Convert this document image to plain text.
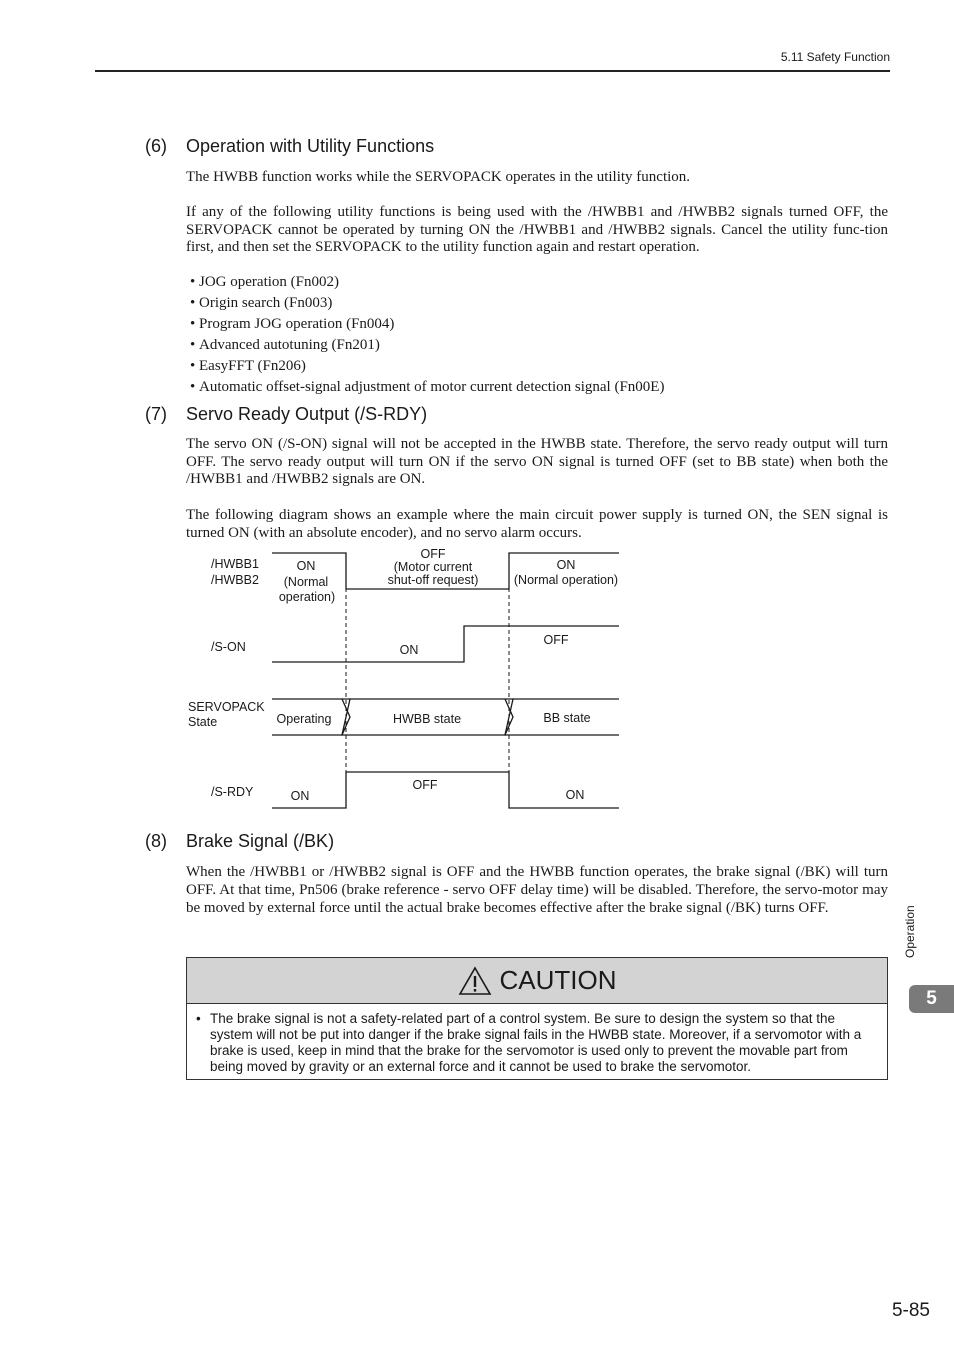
5.11 Safety Function
(6) Operation with Utility Functions

The HWBB function works while the SERVOPACK operates in the utility function.

If any of the following utility functions is being used with the /HWBB1 and /HWBB2 signals turned OFF, the SERVOPACK cannot be operated by turning ON the /HWBB1 and /HWBB2 signals. Cancel the utility func-tion first, and then set the SERVOPACK to the utility function again and restart operation.

• JOG operation (Fn002)
• Origin search (Fn003)
• Program JOG operation (Fn004)
• Advanced autotuning (Fn201)
• EasyFFT (Fn206)
• Automatic offset-signal adjustment of motor current detection signal (Fn00E)
(7) Servo Ready Output (/S-RDY)

The servo ON (/S-ON) signal will not be accepted in the HWBB state. Therefore, the servo ready output will turn OFF. The servo ready output will turn ON if the servo ON signal is turned OFF (set to BB state) when both the /HWBB1 and /HWBB2 signals are ON.

The following diagram shows an example where the main circuit power supply is turned ON, the SEN signal is turned ON (with an absolute encoder), and no servo alarm occurs.

/HWBB1
/HWBB2
ON
(Normal
operation)
OFF
(Motor current
shut-off request)
ON
(Normal operation)
/S-ON	ON
OFF
SERVOPACK
State	Operating	HWBB state	BB state
/S-RDY	ON
OFF
ON
(8) Brake Signal (/BK)

When the /HWBB1 or /HWBB2 signal is OFF and the HWBB function operates, the brake signal (/BK) will turn OFF. At that time, Pn506 (brake reference - servo OFF delay time) will be disabled. Therefore, the servo-motor may be moved by external force until the actual brake becomes effective after the brake signal (/BK) turns OFF.

CAUTION
• The brake signal is not a safety-related part of a control system. Be sure to design the system so that the system will not be put into danger if the brake signal fails in the HWBB state. Moreover, if a servomotor with a brake is used, keep in mind that the brake for the servomotor is used only to prevent the movable part from being moved by gravity or an external force and it cannot be used to brake the servomotor.
Operation
5
5-85
